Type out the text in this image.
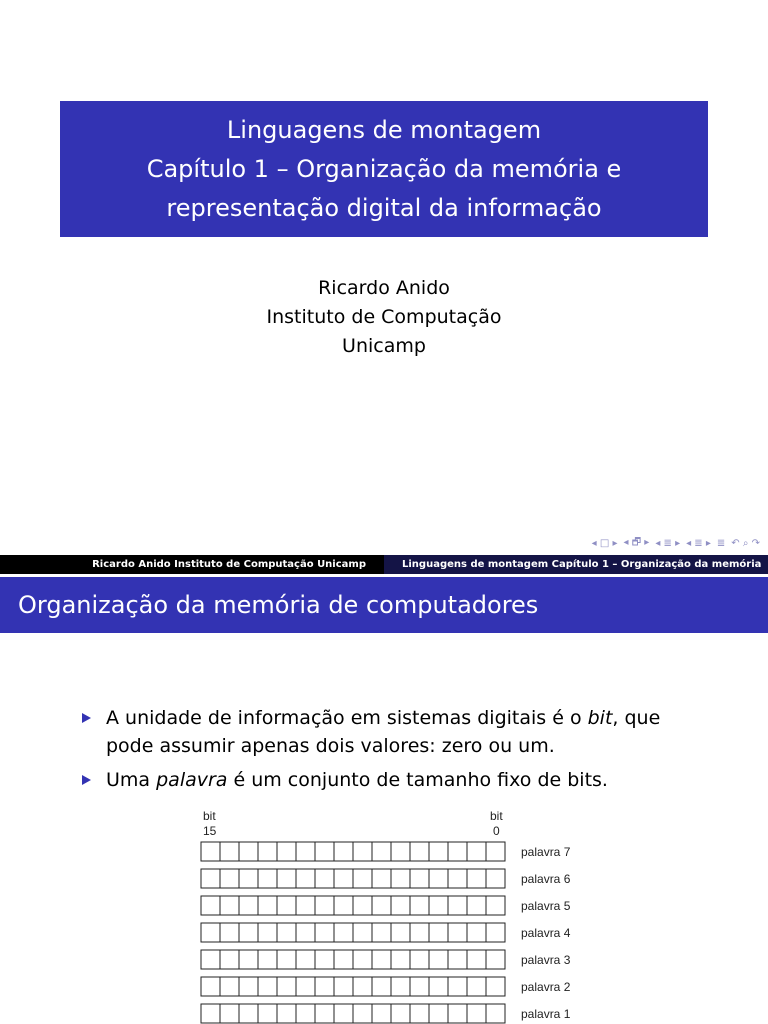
Linguagens de montagem
Capítulo 1 – Organização da memória e
representação digital da informação
Ricardo Anido
Instituto de Computação
Unicamp
◂ □ ▸ ◂ 🗗 ▸ ◂ ≣ ▸ ◂ ≣ ▸ ≣ ↶ ⌕ ↷
Ricardo Anido Instituto de Computação Unicamp	Linguagens de montagem Capítulo 1 – Organização da memória
Organização da memória de computadores
A unidade de informação em sistemas digitais é o bit, que pode assumir apenas dois valores: zero ou um.
Uma palavra é um conjunto de tamanho fixo de bits.
bit
15
bit
0
palavra 7
palavra 6
palavra 5
palavra 4
palavra 3
palavra 2
palavra 1
